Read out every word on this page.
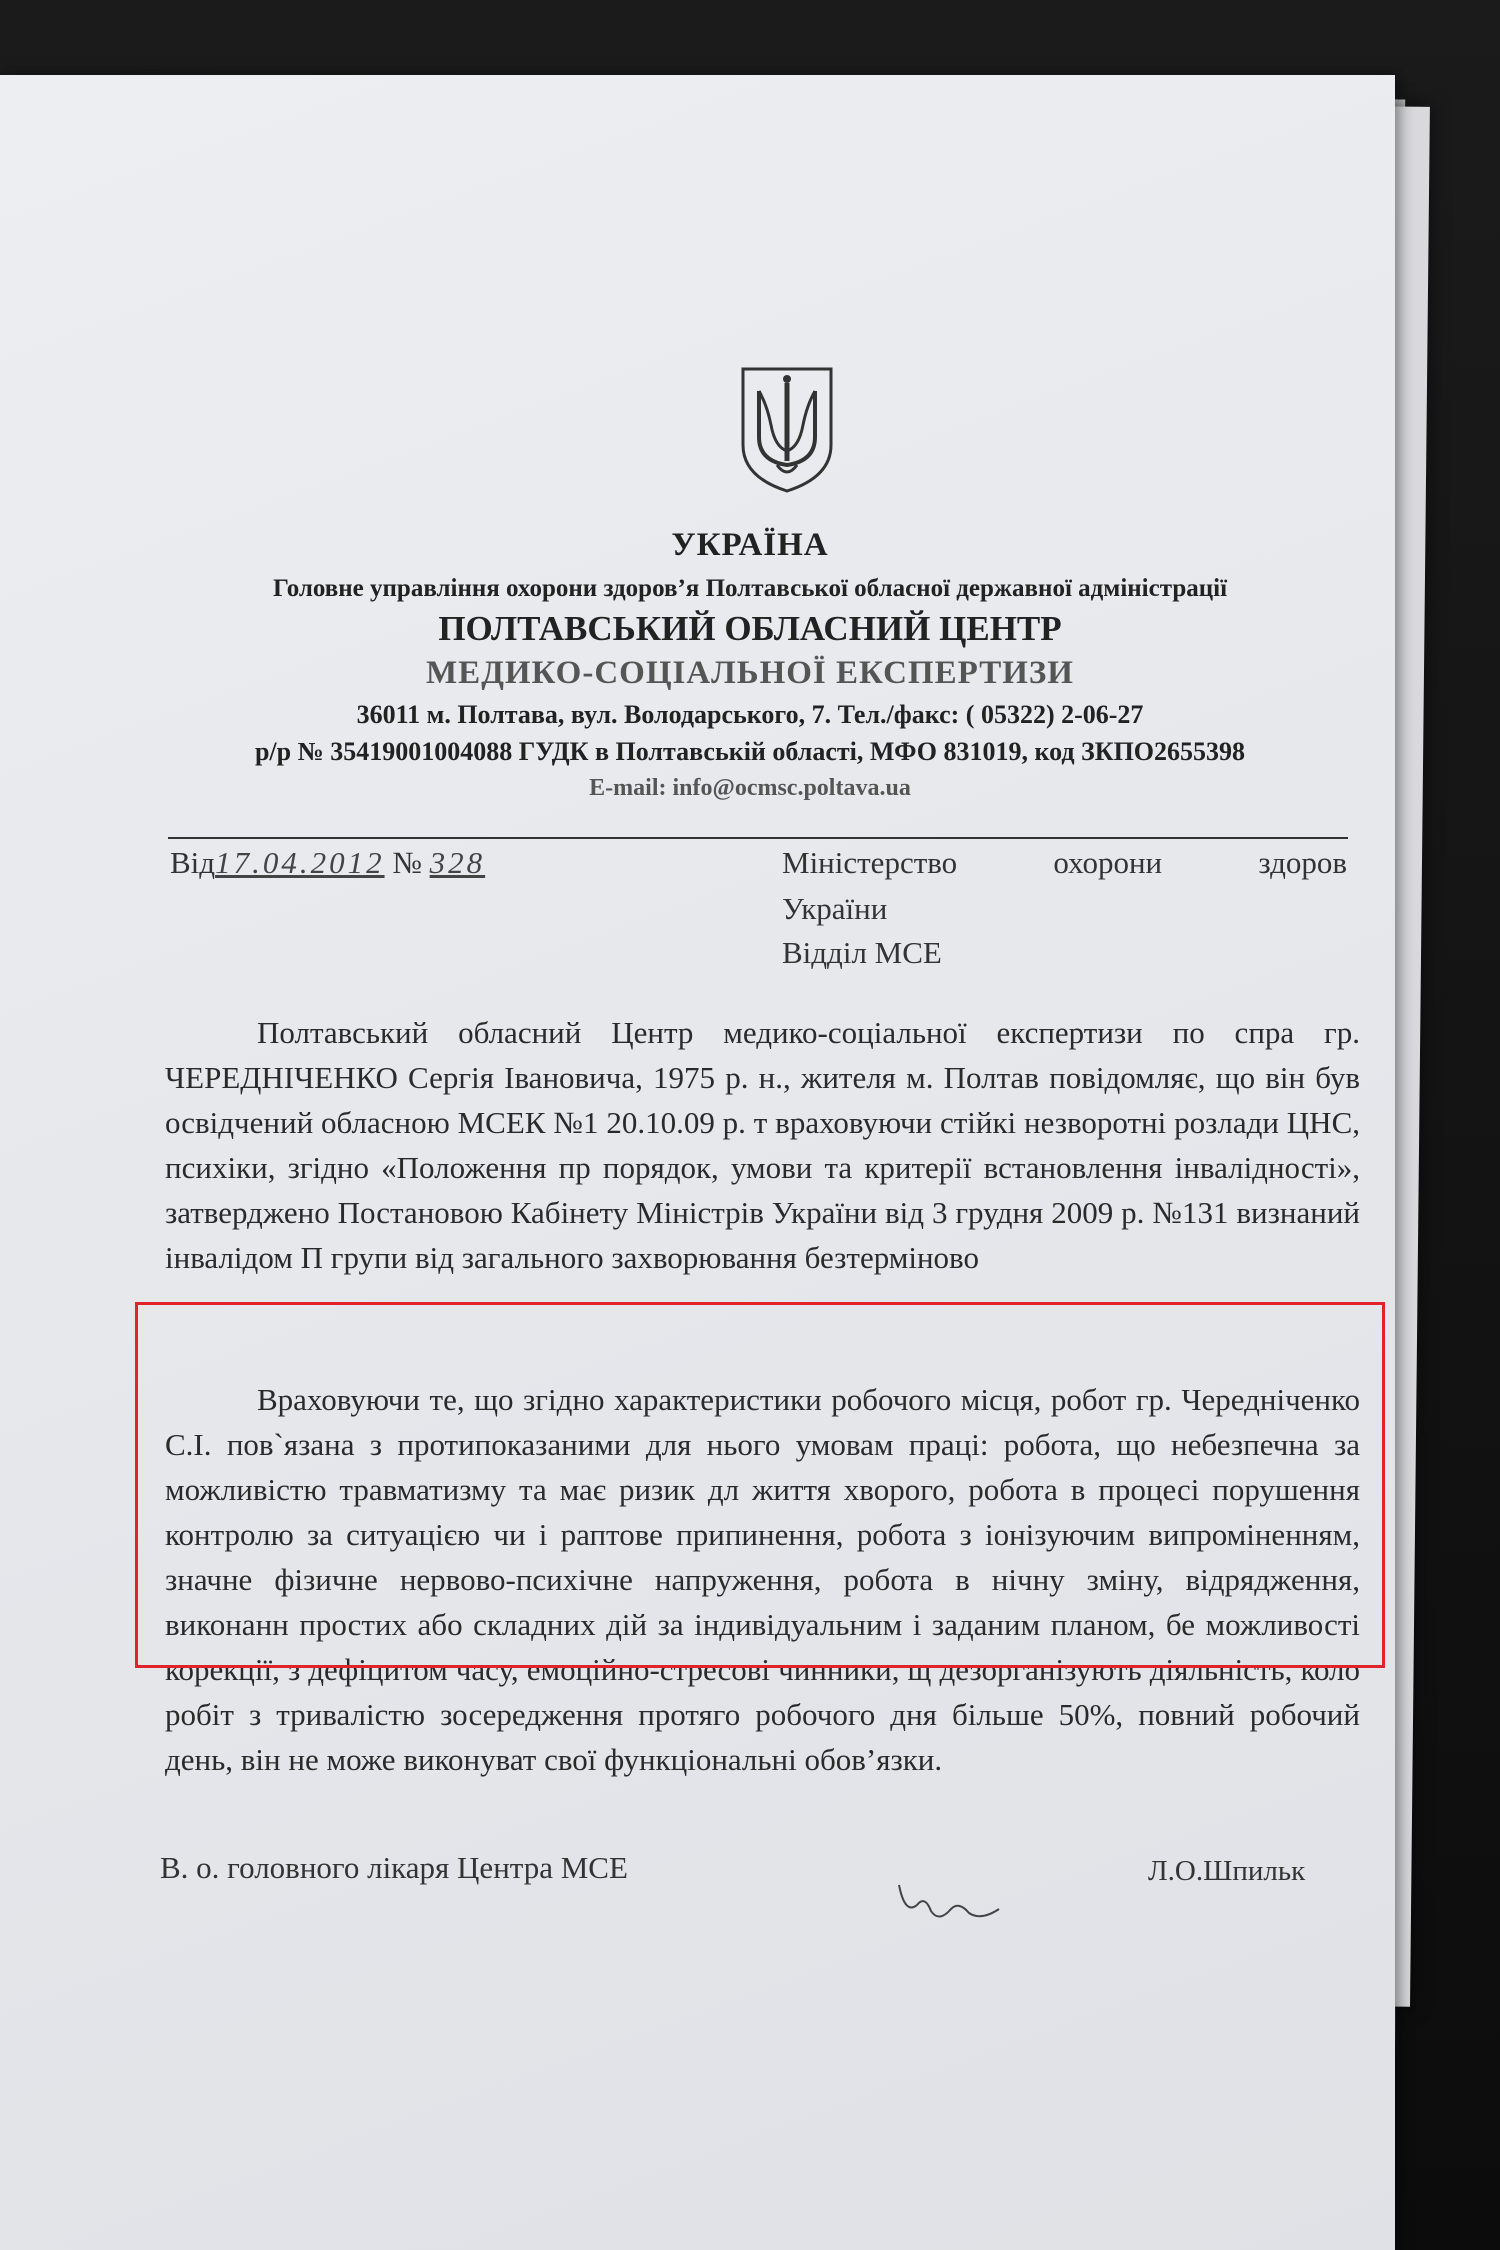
УКРАЇНА
Головне управління охорони здоров’я Полтавської обласної державної адміністрації
ПОЛТАВСЬКИЙ ОБЛАСНИЙ ЦЕНТР
МЕДИКО-СОЦІАЛЬНОЇ ЕКСПЕРТИЗИ
36011 м. Полтава, вул. Володарського, 7. Тел./факс: ( 05322) 2-06-27
р/р № 35419001004088 ГУДК в Полтавській області, МФО 831019, код ЗКПО2655398
E-mail: info@ocmsc.poltava.ua
Від17.04.2012 № 328	Міністерство	охорони	здоров
України
Відділ МСЕ

Полтавський обласний Центр медико-соціальної експертизи по спра гр. ЧЕРЕДНІЧЕНКО Сергія Івановича, 1975 р. н., жителя м. Полтав повідомляє, що він був освідчений обласною МСЕК №1 20.10.09 р. т враховуючи стійкі незворотні розлади ЦНС, психіки, згідно «Положення пр порядок, умови та критерії встановлення інвалідності», затверджено Постановою Кабінету Міністрів України від 3 грудня 2009 р. №131 визнаний інвалідом П групи від загального захворювання безтерміново

Враховуючи те, що згідно характеристики робочого місця, робот гр. Чередніченко С.І. пов`язана з протипоказаними для нього умовам праці: робота, що небезпечна за можливістю травматизму та має ризик дл життя хворого, робота в процесі порушення контролю за ситуацією чи і раптове припинення, робота з іонізуючим випроміненням, значне фізичне нервово-психічне напруження, робота в нічну зміну, відрядження, виконанн простих або складних дій за індивідуальним і заданим планом, бе можливості корекції, з дефіцитом часу, емоційно-стресові чинники, щ дезорганізують діяльність, коло робіт з тривалістю зосередження протяго робочого дня більше 50%, повний робочий день, він не може виконуват свої функціональні обов’язки.

В. о. головного лікаря Центра МСЕ	Л.О.Шпильк
